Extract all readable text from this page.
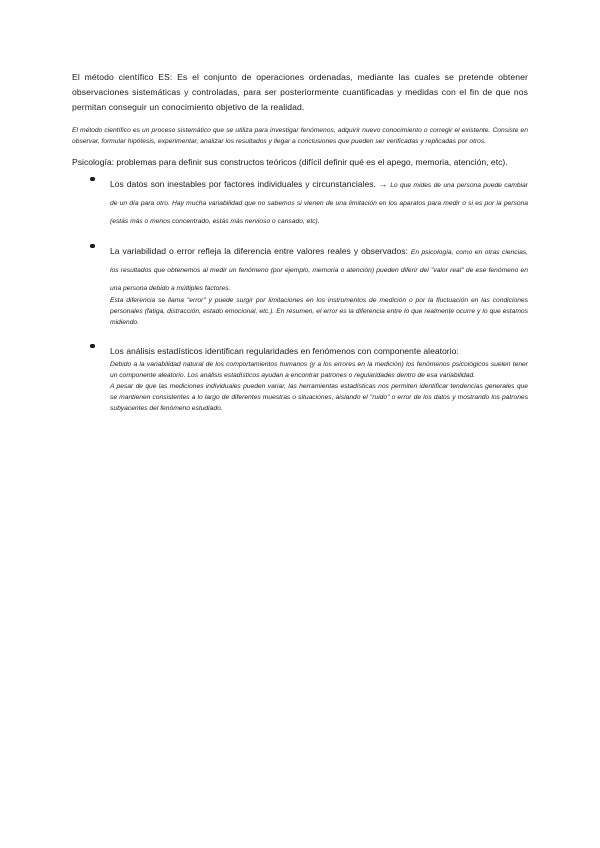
El método científico ES: Es el conjunto de operaciones ordenadas, mediante las cuales se pretende obtener observaciones sistemáticas y controladas, para ser posteriormente cuantificadas y medidas con el fin de que nos permitan conseguir un conocimiento objetivo de la realidad.

El método científico es un proceso sistemático que se utiliza para investigar fenómenos, adquirir nuevo conocimiento o corregir el existente. Consiste en observar, formular hipótesis, experimentar, analizar los resultados y llegar a conclusiones que pueden ser verificadas y replicadas por otros.

Psicología: problemas para definir sus constructos teóricos (difícil definir qué es el apego, memoria, atención, etc).

Los datos son inestables por factores individuales y circunstanciales. → Lo que mides de una persona puede cambiar de un día para otro. Hay mucha variabilidad que no sabemos si vienen de una limitación en los aparatos para medir o si es por la persona (estás más o menos concentrado, estás más nervioso o cansado, etc).
La variabilidad o error refleja la diferencia entre valores reales y observados: En psicología, como en otras ciencias, los resultados que obtenemos al medir un fenómeno (por ejemplo, memoria o atención) pueden diferir del "valor real" de ese fenómeno en una persona debido a múltiples factores.
Esta diferencia se llama "error" y puede surgir por limitaciones en los instrumentos de medición o por la fluctuación en las condiciones personales (fatiga, distracción, estado emocional, etc.). En resumen, el error es la diferencia entre lo que realmente ocurre y lo que estamos midiendo.
Los análisis estadísticos identifican regularidades en fenómenos con componente aleatorio:
Debido a la variabilidad natural de los comportamientos humanos (y a los errores en la medición) los fenómenos psicológicos suelen tener un componente aleatorio. Los análisis estadísticos ayudan a encontrar patrones o regularidades dentro de esa variabilidad.
A pesar de que las mediciones individuales pueden variar, las herramientas estadísticas nos permiten identificar tendencias generales que se mantienen consistentes a lo largo de diferentes muestras o situaciones, aislando el "ruido" o error de los datos y mostrando los patrones subyacentes del fenómeno estudiado.
